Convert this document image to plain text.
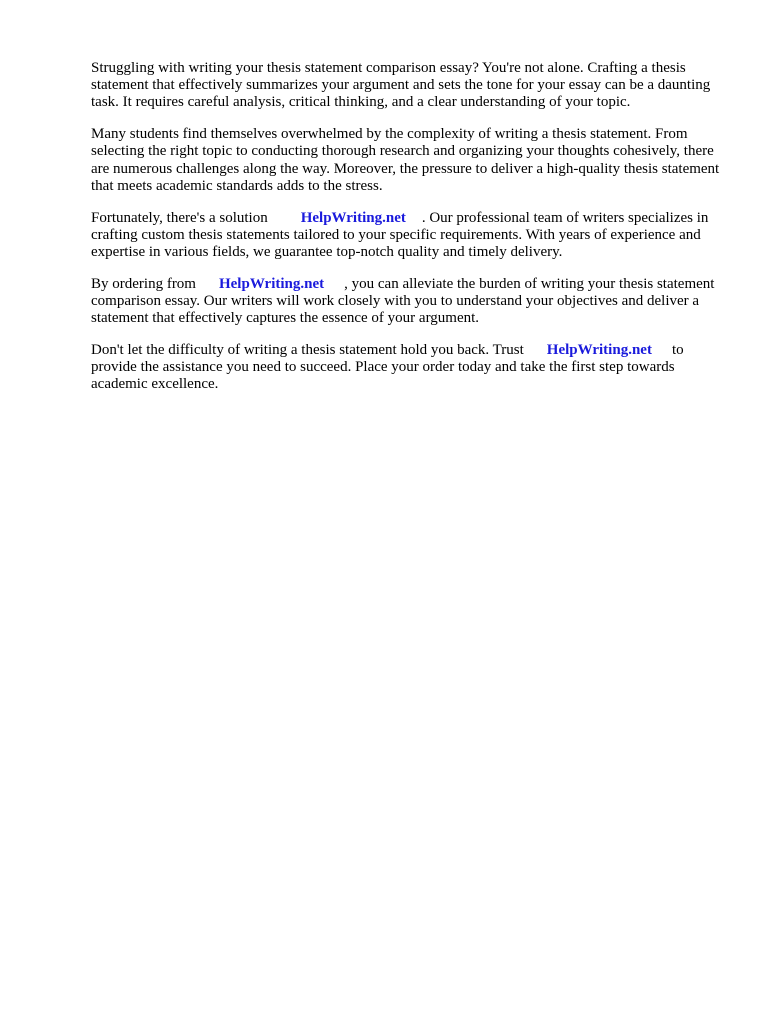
Struggling with writing your thesis statement comparison essay? You're not alone. Crafting a thesis statement that effectively summarizes your argument and sets the tone for your essay can be a daunting task. It requires careful analysis, critical thinking, and a clear understanding of your topic.

Many students find themselves overwhelmed by the complexity of writing a thesis statement. From selecting the right topic to conducting thorough research and organizing your thoughts cohesively, there are numerous challenges along the way. Moreover, the pressure to deliver a high-quality thesis statement that meets academic standards adds to the stress.

Fortunately, there's a solution HelpWriting.net . Our professional team of writers specializes in crafting custom thesis statements tailored to your specific requirements. With years of experience and expertise in various fields, we guarantee top-notch quality and timely delivery.

By ordering from HelpWriting.net , you can alleviate the burden of writing your thesis statement comparison essay. Our writers will work closely with you to understand your objectives and deliver a statement that effectively captures the essence of your argument.

Don't let the difficulty of writing a thesis statement hold you back. Trust HelpWriting.net to provide the assistance you need to succeed. Place your order today and take the first step towards academic excellence.
